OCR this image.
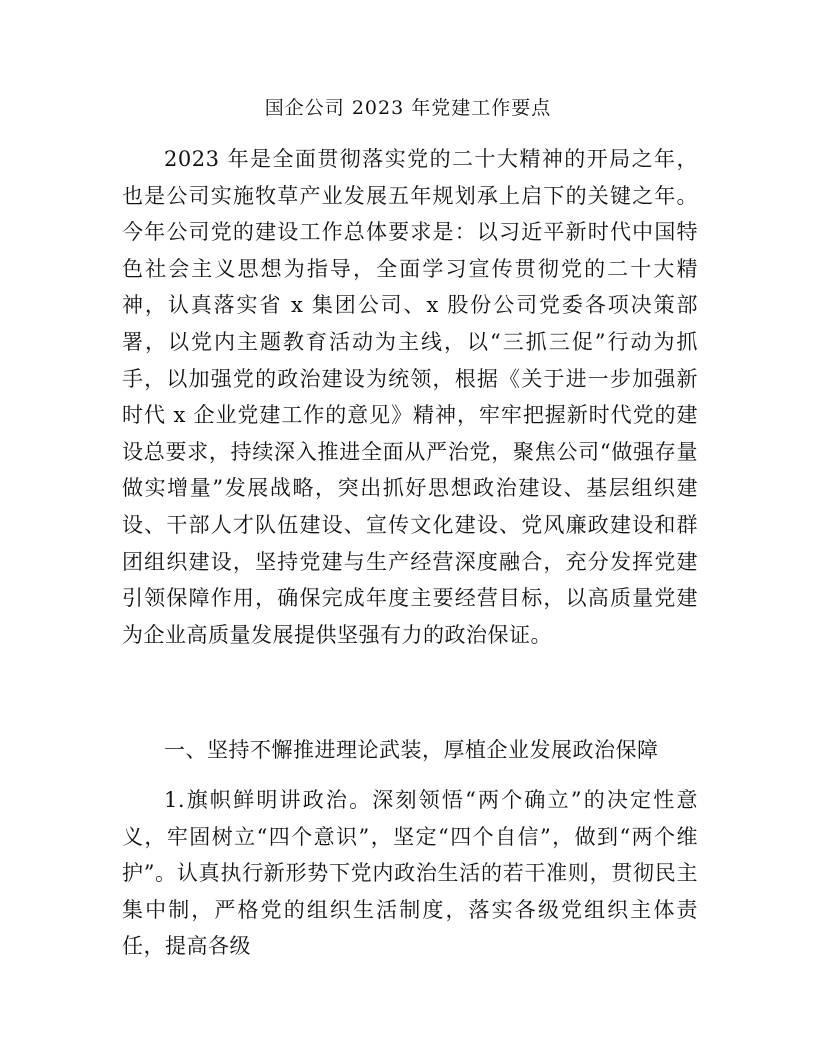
国企公司 2023 年党建工作要点

2023 年是全面贯彻落实党的二十大精神的开局之年，也是公司实施牧草产业发展五年规划承上启下的关键之年。今年公司党的建设工作总体要求是：以习近平新时代中国特色社会主义思想为指导，全面学习宣传贯彻党的二十大精神，认真落实省 x 集团公司、x 股份公司党委各项决策部署，以党内主题教育活动为主线，以“三抓三促”行动为抓手，以加强党的政治建设为统领，根据《关于进一步加强新时代 x 企业党建工作的意见》精神，牢牢把握新时代党的建设总要求，持续深入推进全面从严治党，聚焦公司“做强存量做实增量”发展战略，突出抓好思想政治建设、基层组织建设、干部人才队伍建设、宣传文化建设、党风廉政建设和群团组织建设，坚持党建与生产经营深度融合，充分发挥党建引领保障作用，确保完成年度主要经营目标，以高质量党建为企业高质量发展提供坚强有力的政治保证。

一、坚持不懈推进理论武装，厚植企业发展政治保障

1.旗帜鲜明讲政治。深刻领悟“两个确立”的决定性意义，牢固树立“四个意识”，坚定“四个自信”，做到“两个维护”。认真执行新形势下党内政治生活的若干准则，贯彻民主集中制，严格党的组织生活制度，落实各级党组织主体责任，提高各级
